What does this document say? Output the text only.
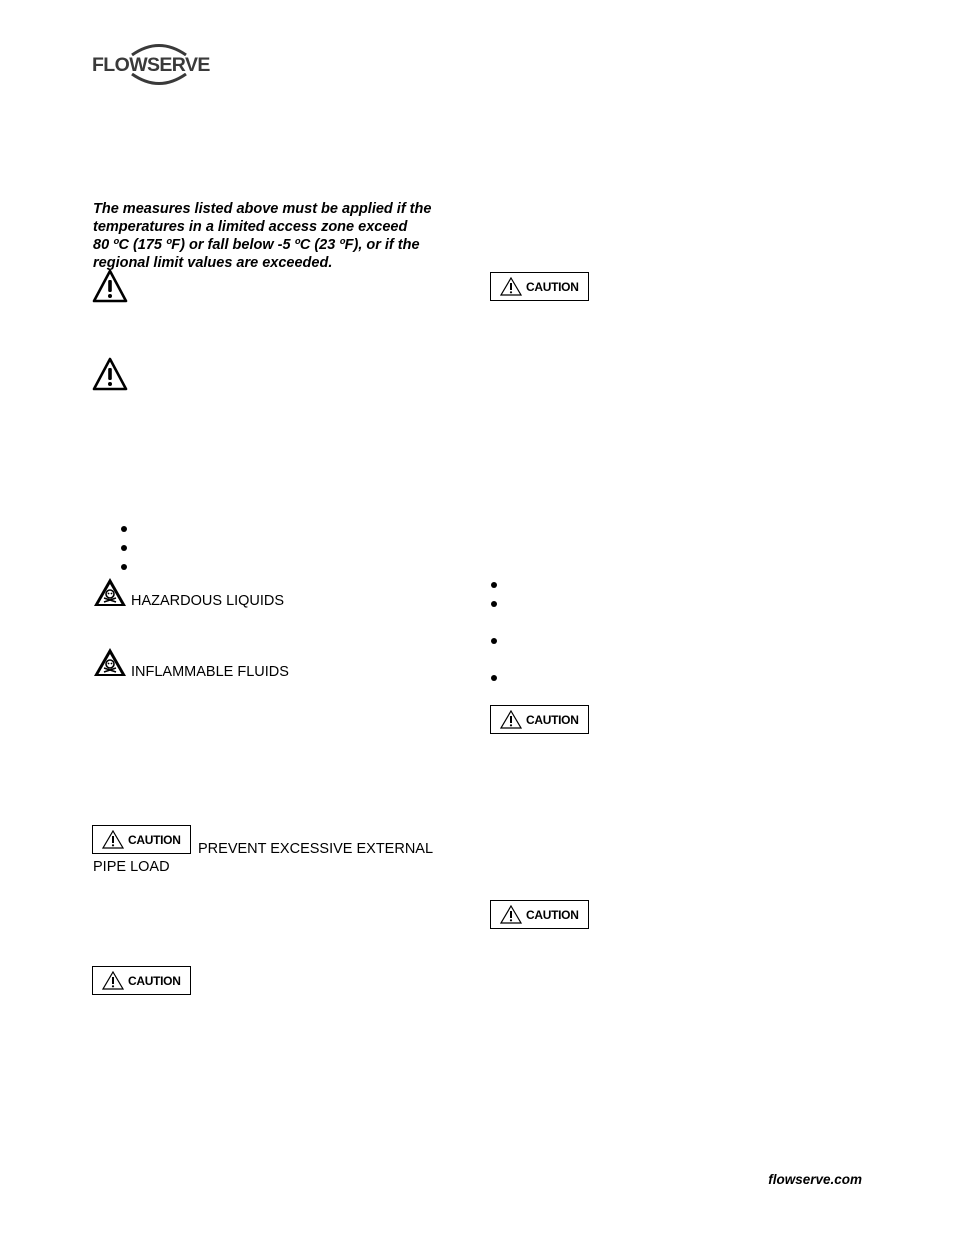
FLOWSERVE
The measures listed above must be applied if the
temperatures in a limited access zone exceed
80 ºC (175 ºF) or fall below -5 ºC (23 ºF), or if the
regional limit values are exceeded.
HAZARDOUS LIQUIDS
INFLAMMABLE FLUIDS
CAUTION
PREVENT EXCESSIVE EXTERNAL
PIPE LOAD
CAUTION
CAUTION
CAUTION
CAUTION
flowserve.com
